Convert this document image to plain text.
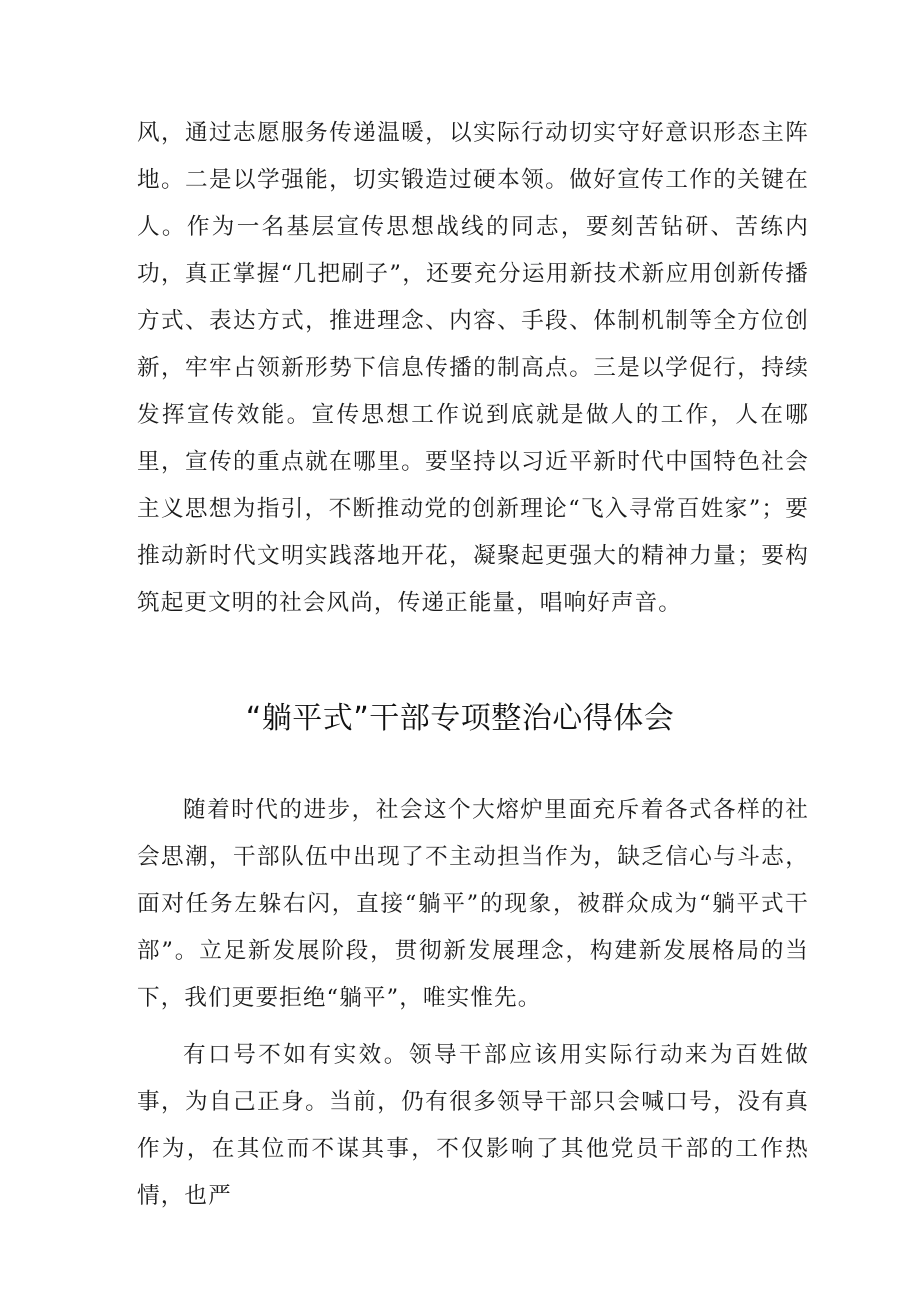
风，通过志愿服务传递温暖，以实际行动切实守好意识形态主阵地。二是以学强能，切实锻造过硬本领。做好宣传工作的关键在人。作为一名基层宣传思想战线的同志，要刻苦钻研、苦练内功，真正掌握“几把刷子”，还要充分运用新技术新应用创新传播方式、表达方式，推进理念、内容、手段、体制机制等全方位创新，牢牢占领新形势下信息传播的制高点。三是以学促行，持续发挥宣传效能。宣传思想工作说到底就是做人的工作，人在哪里，宣传的重点就在哪里。要坚持以习近平新时代中国特色社会主义思想为指引，不断推动党的创新理论“飞入寻常百姓家”；要推动新时代文明实践落地开花，凝聚起更强大的精神力量；要构筑起更文明的社会风尚，传递正能量，唱响好声音。

“躺平式”干部专项整治心得体会

随着时代的进步，社会这个大熔炉里面充斥着各式各样的社会思潮，干部队伍中出现了不主动担当作为，缺乏信心与斗志，面对任务左躲右闪，直接“躺平”的现象，被群众成为“躺平式干部”。立足新发展阶段，贯彻新发展理念，构建新发展格局的当下，我们更要拒绝“躺平”，唯实惟先。

有口号不如有实效。领导干部应该用实际行动来为百姓做事，为自己正身。当前，仍有很多领导干部只会喊口号，没有真作为，在其位而不谋其事，不仅影响了其他党员干部的工作热情，也严
